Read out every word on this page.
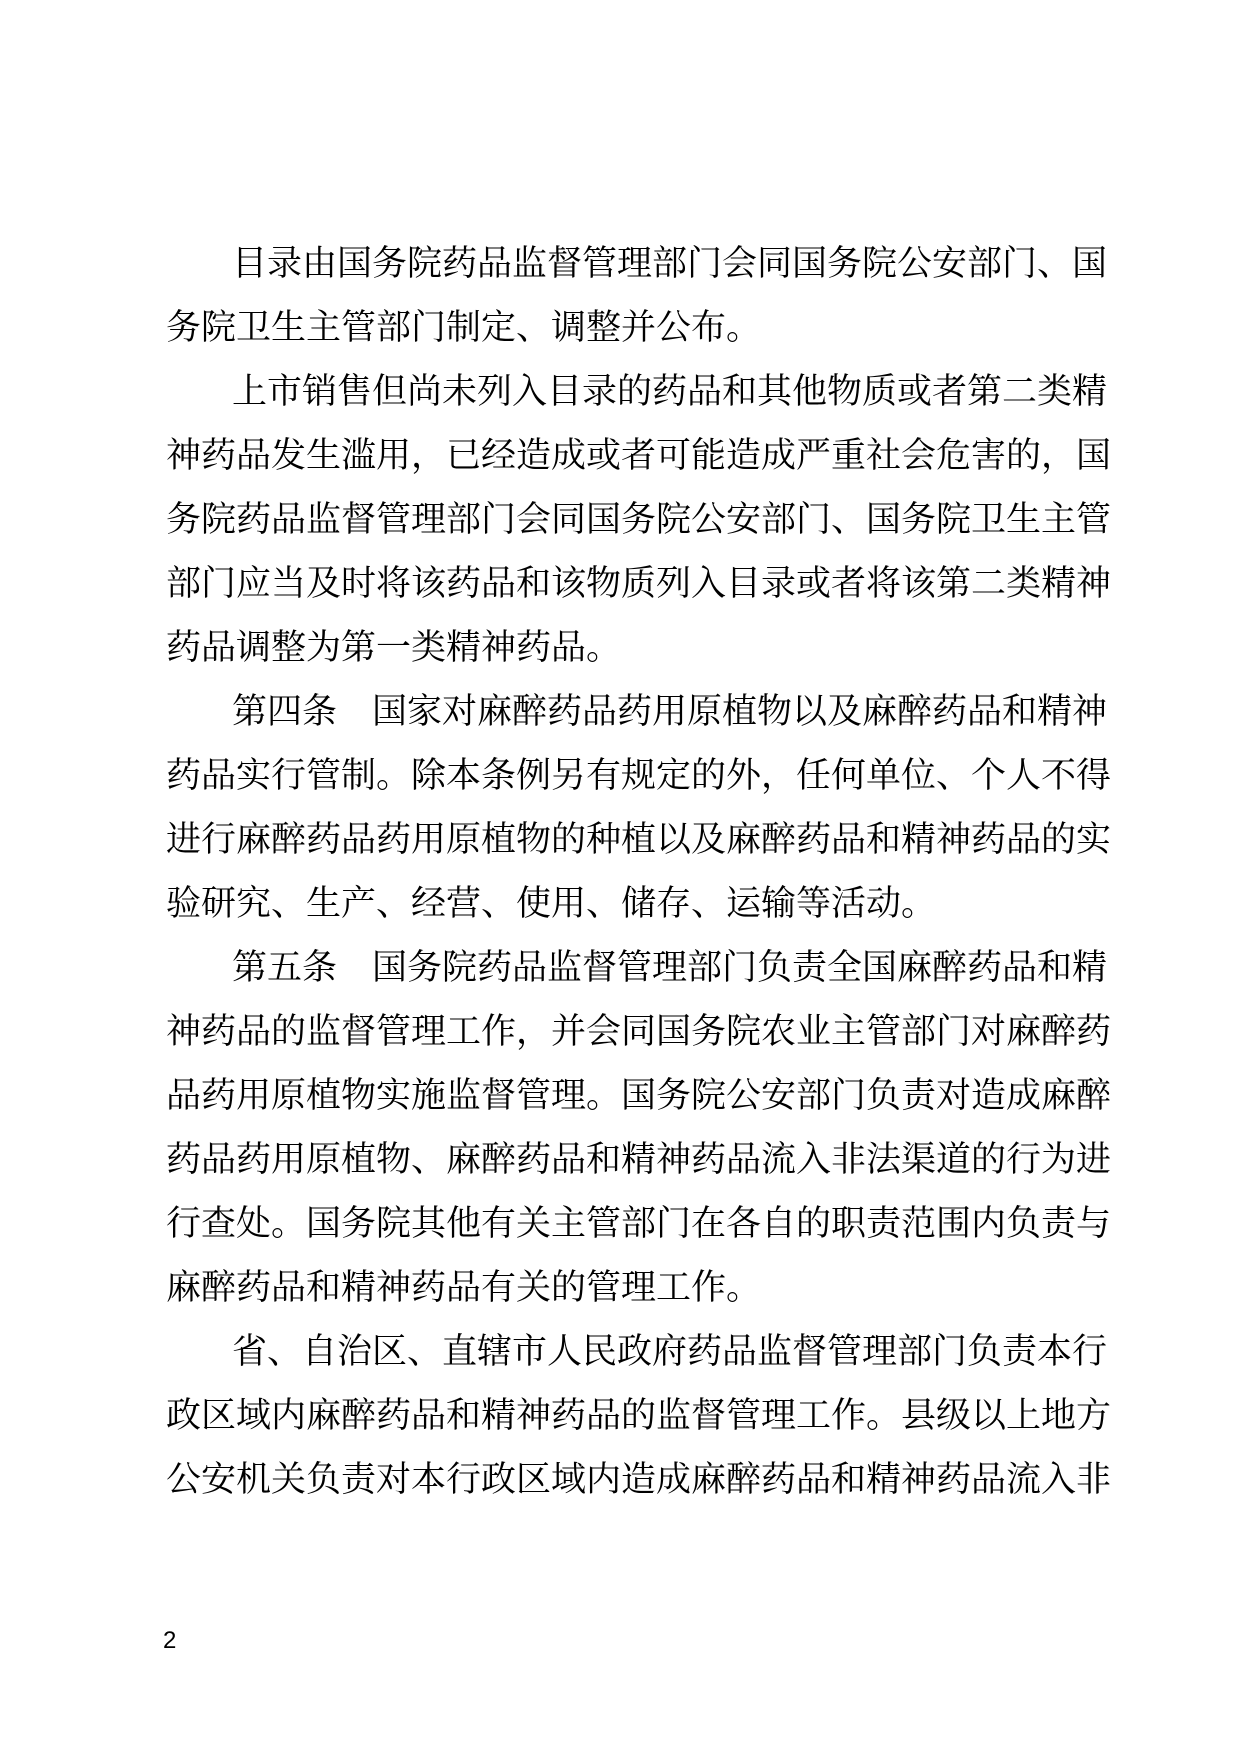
目录由国务院药品监督管理部门会同国务院公安部门、国
务院卫生主管部门制定、调整并公布。
上市销售但尚未列入目录的药品和其他物质或者第二类精
神药品发生滥用，已经造成或者可能造成严重社会危害的，国
务院药品监督管理部门会同国务院公安部门、国务院卫生主管
部门应当及时将该药品和该物质列入目录或者将该第二类精神
药品调整为第一类精神药品。
第四条　国家对麻醉药品药用原植物以及麻醉药品和精神
药品实行管制。除本条例另有规定的外，任何单位、个人不得
进行麻醉药品药用原植物的种植以及麻醉药品和精神药品的实
验研究、生产、经营、使用、储存、运输等活动。
第五条　国务院药品监督管理部门负责全国麻醉药品和精
神药品的监督管理工作，并会同国务院农业主管部门对麻醉药
品药用原植物实施监督管理。国务院公安部门负责对造成麻醉
药品药用原植物、麻醉药品和精神药品流入非法渠道的行为进
行查处。国务院其他有关主管部门在各自的职责范围内负责与
麻醉药品和精神药品有关的管理工作。
省、自治区、直辖市人民政府药品监督管理部门负责本行
政区域内麻醉药品和精神药品的监督管理工作。县级以上地方
公安机关负责对本行政区域内造成麻醉药品和精神药品流入非
2
